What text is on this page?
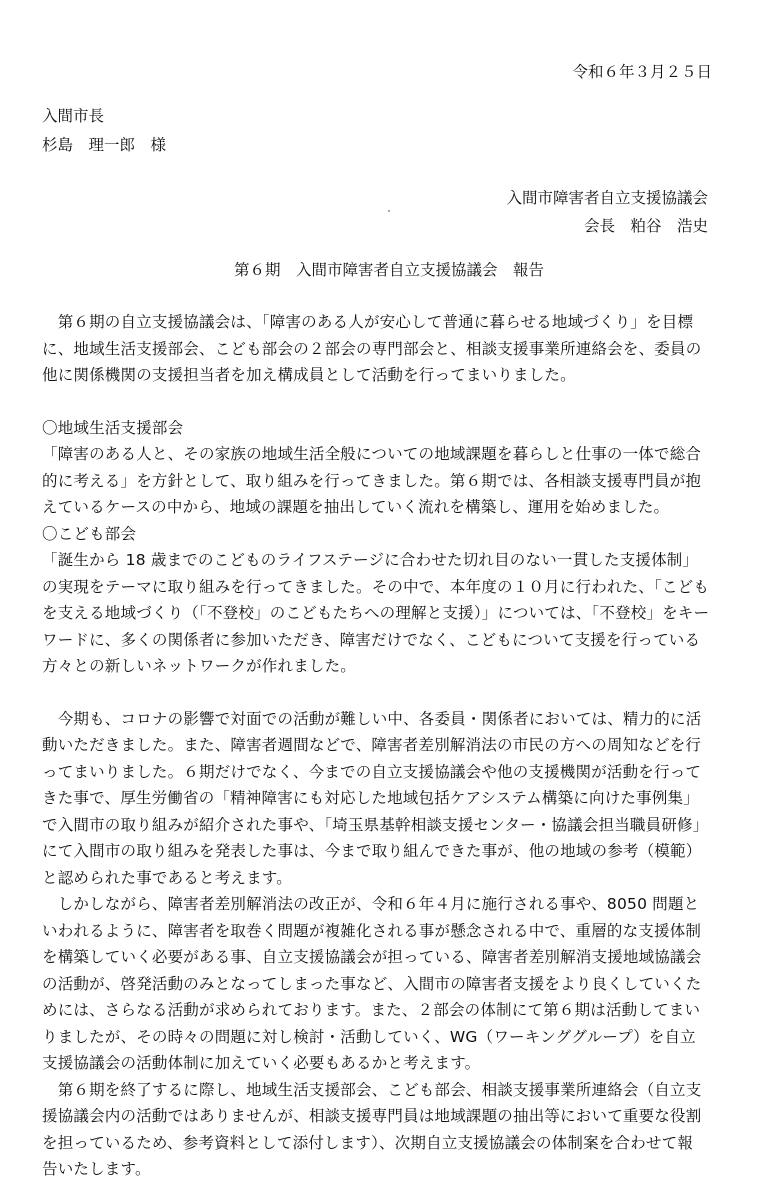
令和６年３月２５日
入間市長
杉島　理一郎　様
入間市障害者自立支援協議会
会長　粕谷　浩史
第６期　入間市障害者自立支援協議会　報告
　第６期の自立支援協議会は、「障害のある人が安心して普通に暮らせる地域づくり」を目標
に、地域生活支援部会、こども部会の２部会の専門部会と、相談支援事業所連絡会を、委員の
他に関係機関の支援担当者を加え構成員として活動を行ってまいりました。
〇地域生活支援部会
「障害のある人と、その家族の地域生活全般についての地域課題を暮らしと仕事の一体で総合
的に考える」を方針として、取り組みを行ってきました。第６期では、各相談支援専門員が抱
えているケースの中から、地域の課題を抽出していく流れを構築し、運用を始めました。
〇こども部会
「誕生から 18 歳までのこどものライフステージに合わせた切れ目のない一貫した支援体制」
の実現をテーマに取り組みを行ってきました。その中で、本年度の１０月に行われた、「こども
を支える地域づくり（「不登校」のこどもたちへの理解と支援）」については、「不登校」をキー
ワードに、多くの関係者に参加いただき、障害だけでなく、こどもについて支援を行っている
方々との新しいネットワークが作れました。
　今期も、コロナの影響で対面での活動が難しい中、各委員・関係者においては、精力的に活
動いただきました。また、障害者週間などで、障害者差別解消法の市民の方への周知などを行
ってまいりました。６期だけでなく、今までの自立支援協議会や他の支援機関が活動を行って
きた事で、厚生労働省の「精神障害にも対応した地域包括ケアシステム構築に向けた事例集」
で入間市の取り組みが紹介された事や、「埼玉県基幹相談支援センター・協議会担当職員研修」
にて入間市の取り組みを発表した事は、今まで取り組んできた事が、他の地域の参考（模範）
と認められた事であると考えます。
　しかしながら、障害者差別解消法の改正が、令和６年４月に施行される事や、8050 問題と
いわれるように、障害者を取巻く問題が複雑化される事が懸念される中で、重層的な支援体制
を構築していく必要がある事、自立支援協議会が担っている、障害者差別解消支援地域協議会
の活動が、啓発活動のみとなってしまった事など、入間市の障害者支援をより良くしていくた
めには、さらなる活動が求められております。また、２部会の体制にて第６期は活動してまい
りましたが、その時々の問題に対し検討・活動していく、WG（ワーキンググループ）を自立
支援協議会の活動体制に加えていく必要もあるかと考えます。
　第６期を終了するに際し、地域生活支援部会、こども部会、相談支援事業所連絡会（自立支
援協議会内の活動ではありませんが、相談支援専門員は地域課題の抽出等において重要な役割
を担っているため、参考資料として添付します）、次期自立支援協議会の体制案を合わせて報
告いたします。
